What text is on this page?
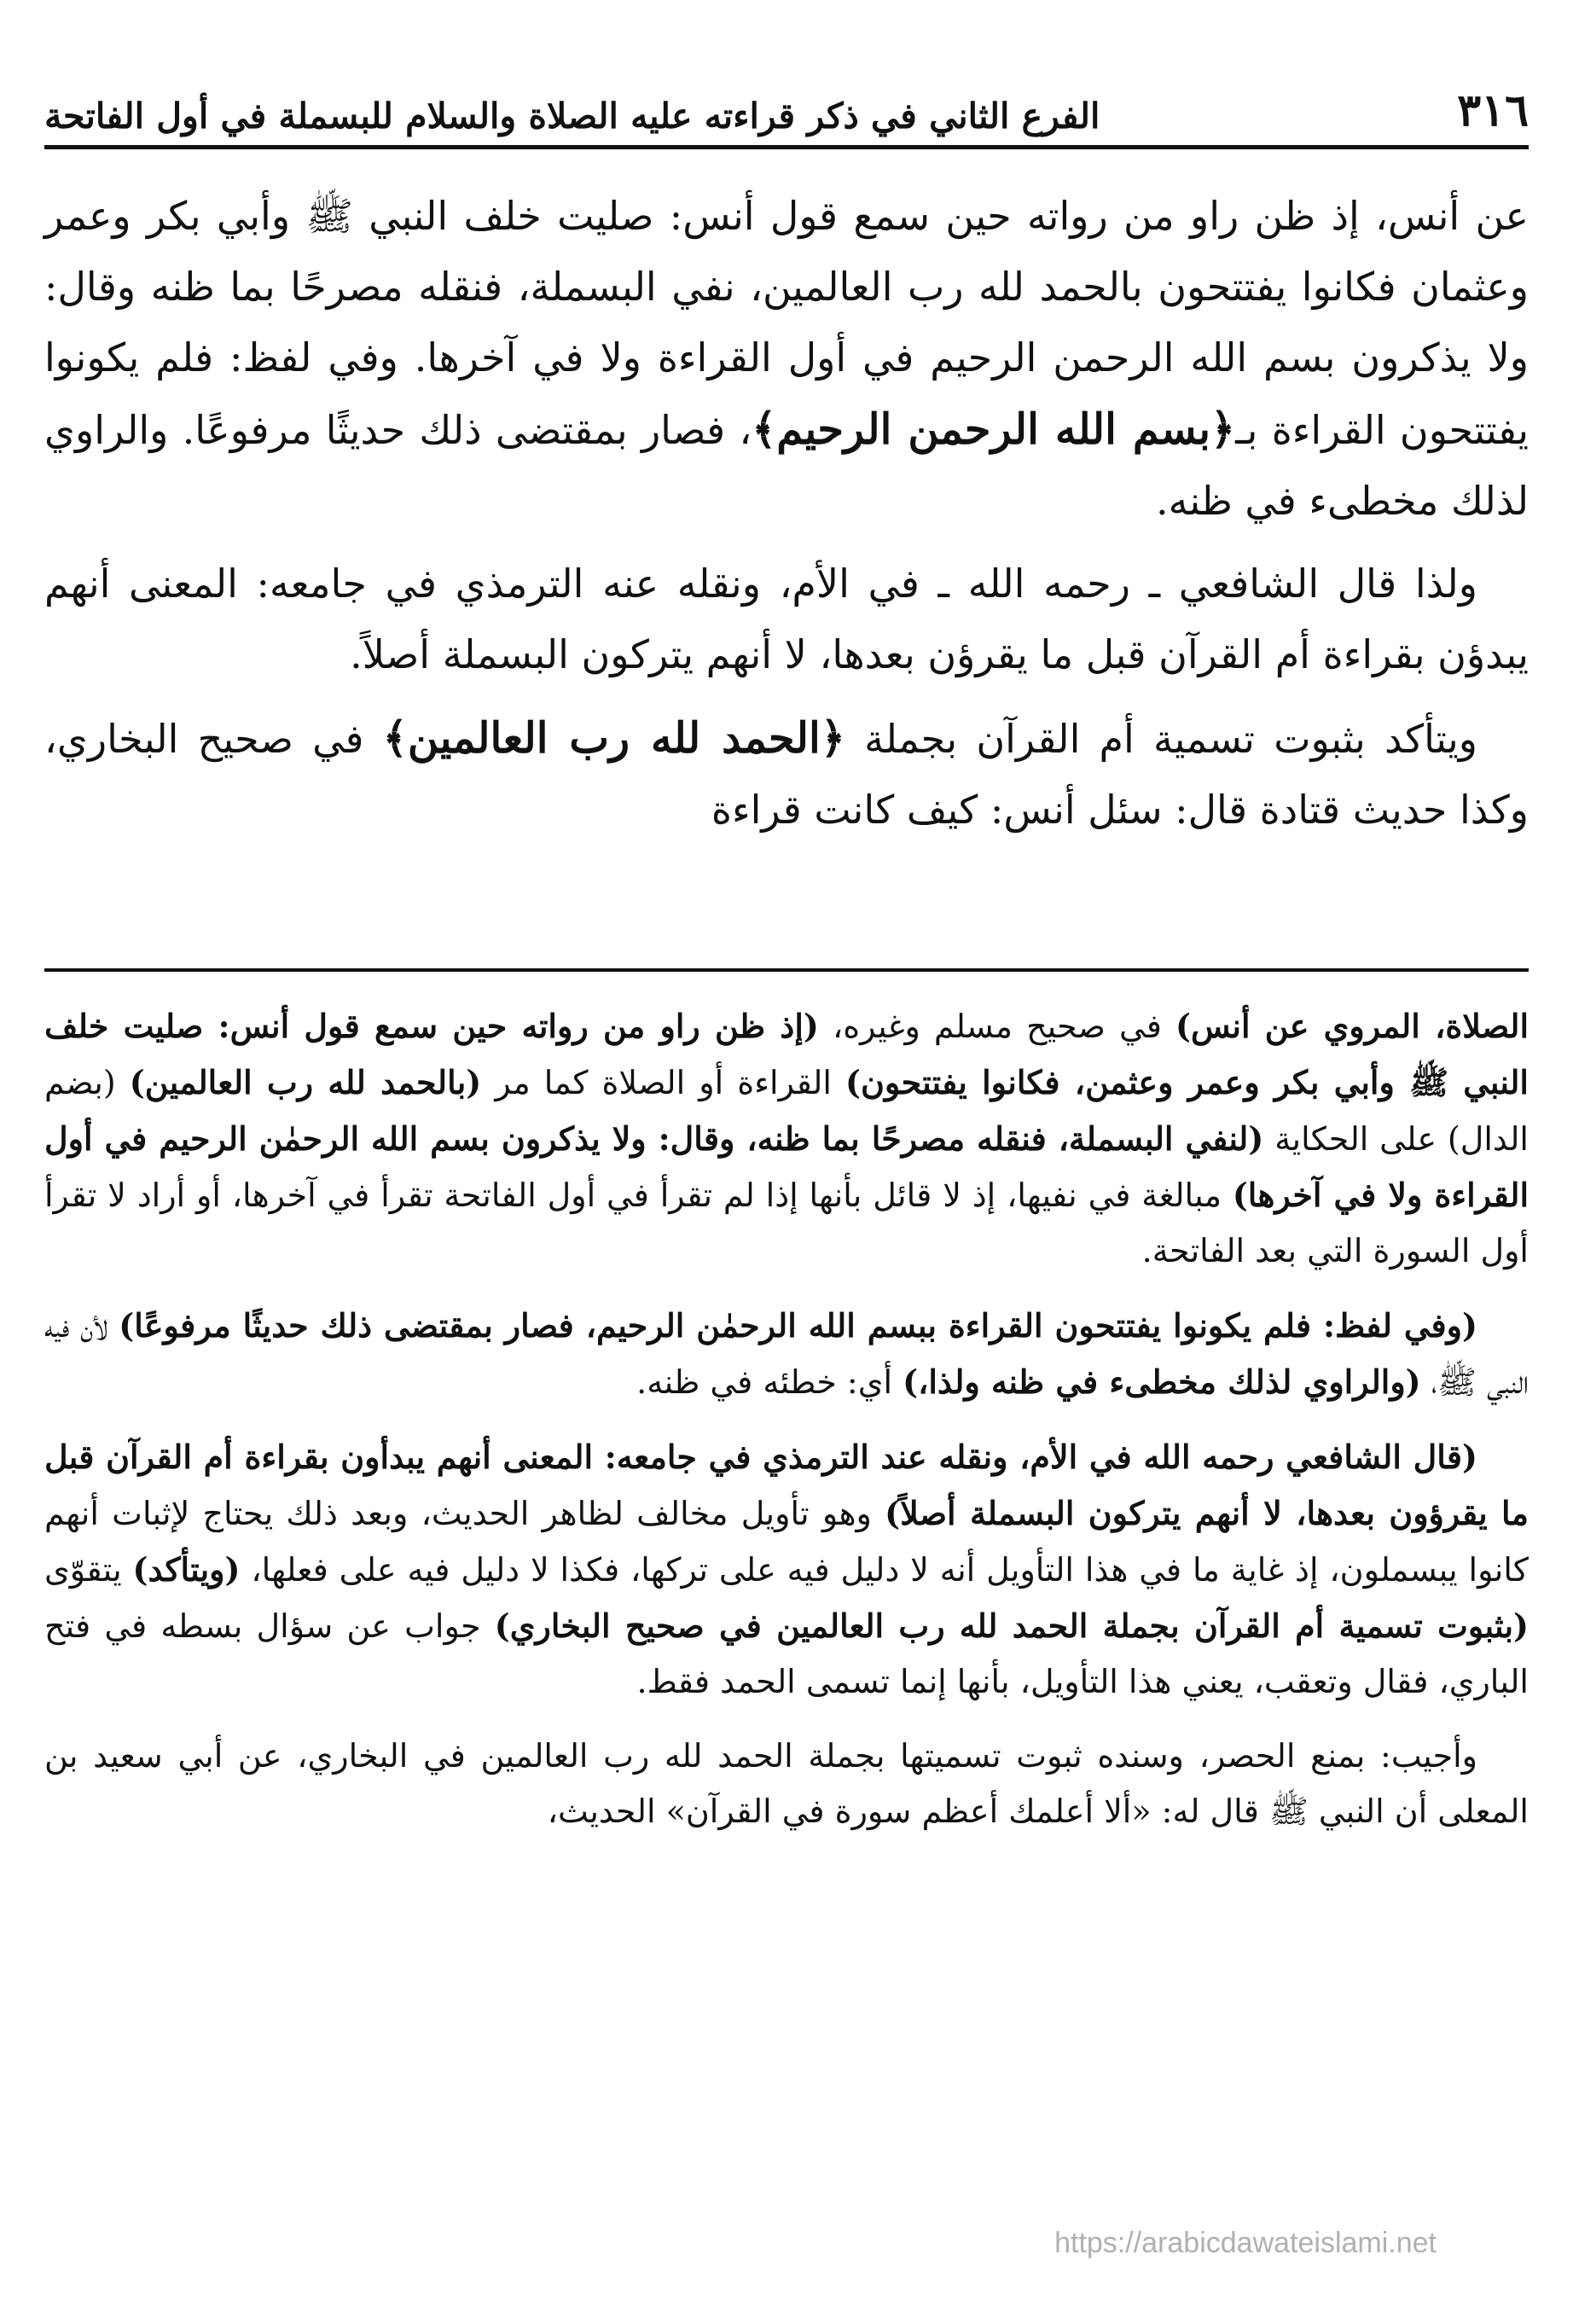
٣١٦
الفرع الثاني في ذكر قراءته عليه الصلاة والسلام للبسملة في أول الفاتحة

عن أنس، إذ ظن راو من رواته حين سمع قول أنس: صليت خلف النبي ﷺ وأبي بكر وعمر وعثمان فكانوا يفتتحون بالحمد لله رب العالمين، نفي البسملة، فنقله مصرحًا بما ظنه وقال: ولا يذكرون بسم الله الرحمن الرحيم في أول القراءة ولا في آخرها. وفي لفظ: فلم يكونوا يفتتحون القراءة بـ﴿بسم الله الرحمن الرحيم﴾، فصار بمقتضى ذلك حديثًا مرفوعًا. والراوي لذلك مخطىء في ظنه.

ولذا قال الشافعي ـ رحمه الله ـ في الأم، ونقله عنه الترمذي في جامعه: المعنى أنهم يبدؤن بقراءة أم القرآن قبل ما يقرؤن بعدها، لا أنهم يتركون البسملة أصلاً.

ويتأكد بثبوت تسمية أم القرآن بجملة ﴿الحمد لله رب العالمين﴾ في صحيح البخاري، وكذا حديث قتادة قال: سئل أنس: كيف كانت قراءة

الصلاة، المروي عن أنس) في صحيح مسلم وغيره، (إذ ظن راو من رواته حين سمع قول أنس: صليت خلف النبي ﷺ وأبي بكر وعمر وعثمن، فكانوا يفتتحون) القراءة أو الصلاة كما مر (بالحمد لله رب العالمين) (بضم الدال) على الحكاية (لنفي البسملة، فنقله مصرحًا بما ظنه، وقال: ولا يذكرون بسم الله الرحمٰن الرحيم في أول القراءة ولا في آخرها) مبالغة في نفيها، إذ لا قائل بأنها إذا لم تقرأ في أول الفاتحة تقرأ في آخرها، أو أراد لا تقرأ أول السورة التي بعد الفاتحة.

(وفي لفظ: فلم يكونوا يفتتحون القراءة ببسم الله الرحمٰن الرحيم، فصار بمقتضى ذلك حديثًا مرفوعًا) لأن فيه النبي ﷺ، (والراوي لذلك مخطىء في ظنه ولذا،) أي: خطئه في ظنه.

(قال الشافعي رحمه الله في الأم، ونقله عند الترمذي في جامعه: المعنى أنهم يبدأون بقراءة أم القرآن قبل ما يقرؤون بعدها، لا أنهم يتركون البسملة أصلاً) وهو تأويل مخالف لظاهر الحديث، وبعد ذلك يحتاج لإثبات أنهم كانوا يبسملون، إذ غاية ما في هذا التأويل أنه لا دليل فيه على تركها، فكذا لا دليل فيه على فعلها، (ويتأكد) يتقوّى (بثبوت تسمية أم القرآن بجملة الحمد لله رب العالمين في صحيح البخاري) جواب عن سؤال بسطه في فتح الباري، فقال وتعقب، يعني هذا التأويل، بأنها إنما تسمى الحمد فقط.

وأجيب: بمنع الحصر، وسنده ثبوت تسميتها بجملة الحمد لله رب العالمين في البخاري، عن أبي سعيد بن المعلى أن النبي ﷺ قال له: «ألا أعلمك أعظم سورة في القرآن» الحديث،

https://arabicdawateislami.net
